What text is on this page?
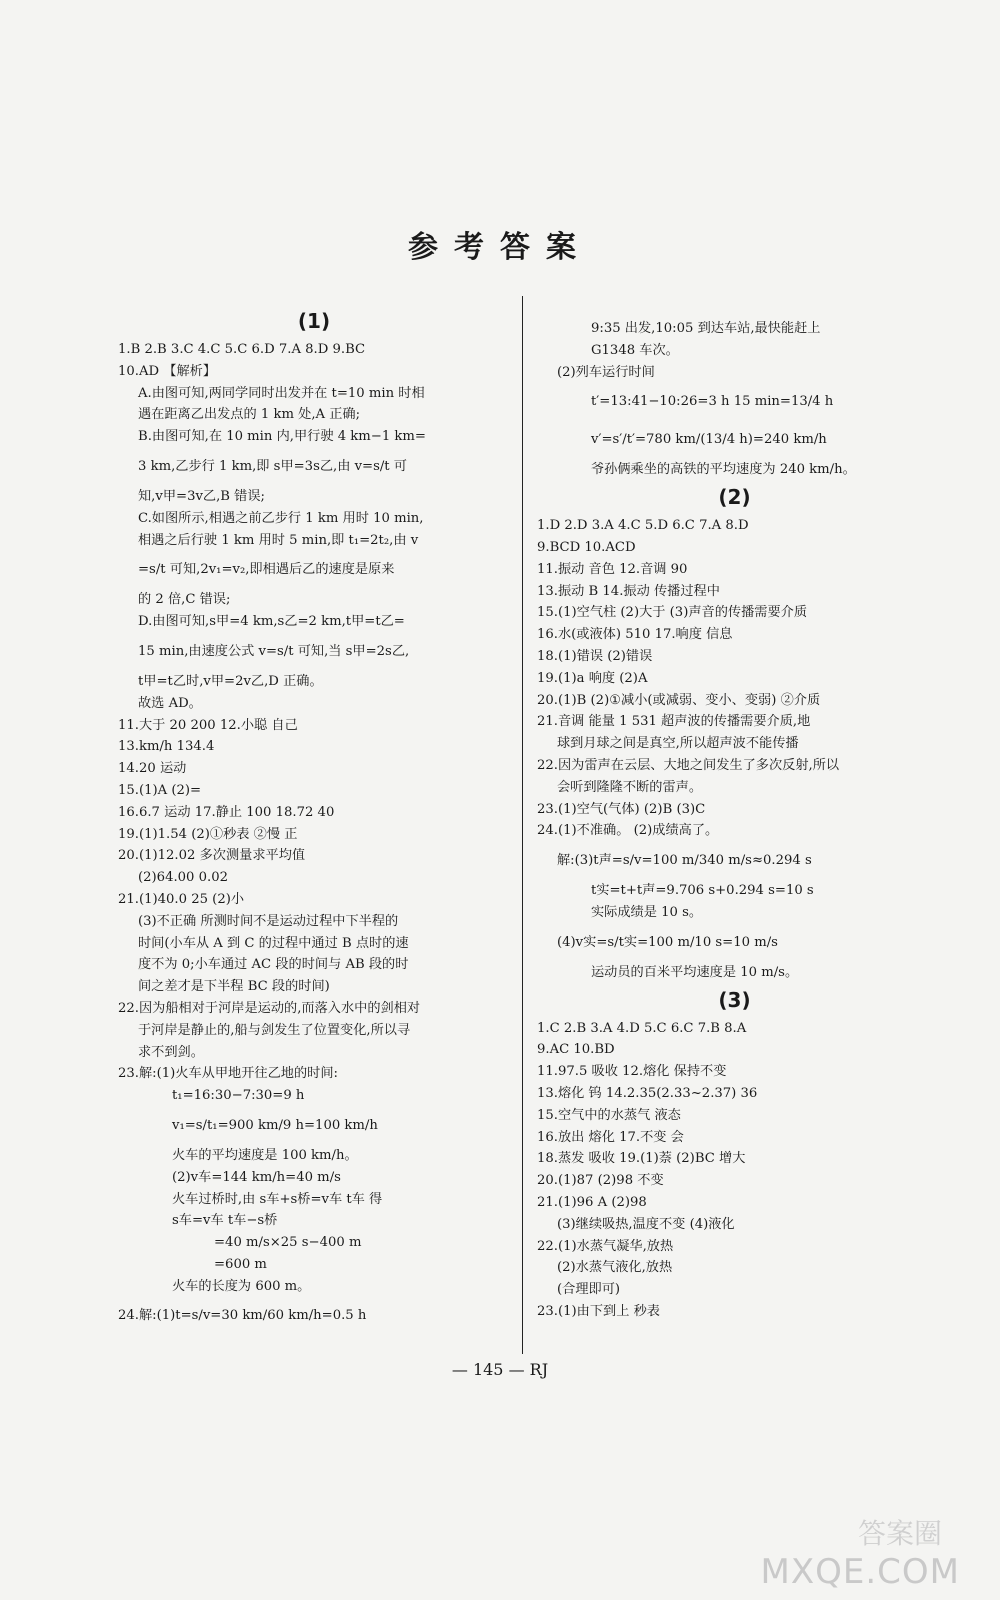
参考答案
(1)
1.B 2.B 3.C 4.C 5.C 6.D 7.A 8.D 9.BC
10.AD 【解析】
A.由图可知,两同学同时出发并在 t=10 min 时相
遇在距离乙出发点的 1 km 处,A 正确;
B.由图可知,在 10 min 内,甲行驶 4 km−1 km=
3 km,乙步行 1 km,即 s甲=3s乙,由 v=s/t 可
知,v甲=3v乙,B 错误;
C.如图所示,相遇之前乙步行 1 km 用时 10 min,
相遇之后行驶 1 km 用时 5 min,即 t₁=2t₂,由 v
=s/t 可知,2v₁=v₂,即相遇后乙的速度是原来
的 2 倍,C 错误;
D.由图可知,s甲=4 km,s乙=2 km,t甲=t乙=
15 min,由速度公式 v=s/t 可知,当 s甲=2s乙,
t甲=t乙时,v甲=2v乙,D 正确。
故选 AD。
11.大于 20 200 12.小聪 自己
13.km/h 134.4
14.20 运动
15.(1)A (2)=
16.6.7 运动 17.静止 100 18.72 40
19.(1)1.54 (2)①秒表 ②慢 正
20.(1)12.02 多次测量求平均值
(2)64.00 0.02
21.(1)40.0 25 (2)小
(3)不正确 所测时间不是运动过程中下半程的
时间(小车从 A 到 C 的过程中通过 B 点时的速
度不为 0;小车通过 AC 段的时间与 AB 段的时
间之差才是下半程 BC 段的时间)
22.因为船相对于河岸是运动的,而落入水中的剑相对
于河岸是静止的,船与剑发生了位置变化,所以寻
求不到剑。
23.解:(1)火车从甲地开往乙地的时间:
t₁=16:30−7:30=9 h
v₁=s/t₁=900 km/9 h=100 km/h
火车的平均速度是 100 km/h。
(2)v车=144 km/h=40 m/s
火车过桥时,由 s车+s桥=v车 t车 得
s车=v车 t车−s桥
=40 m/s×25 s−400 m
=600 m
火车的长度为 600 m。
24.解:(1)t=s/v=30 km/60 km/h=0.5 h
9:35 出发,10:05 到达车站,最快能赶上
G1348 车次。
(2)列车运行时间
t′=13:41−10:26=3 h 15 min=13/4 h
v′=s′/t′=780 km/(13/4 h)=240 km/h
爷孙俩乘坐的高铁的平均速度为 240 km/h。
(2)
1.D 2.D 3.A 4.C 5.D 6.C 7.A 8.D
9.BCD 10.ACD
11.振动 音色 12.音调 90
13.振动 B 14.振动 传播过程中
15.(1)空气柱 (2)大于 (3)声音的传播需要介质
16.水(或液体) 510 17.响度 信息
18.(1)错误 (2)错误
19.(1)a 响度 (2)A
20.(1)B (2)①减小(或减弱、变小、变弱) ②介质
21.音调 能量 1 531 超声波的传播需要介质,地
球到月球之间是真空,所以超声波不能传播
22.因为雷声在云层、大地之间发生了多次反射,所以
会听到隆隆不断的雷声。
23.(1)空气(气体) (2)B (3)C
24.(1)不准确。 (2)成绩高了。
解:(3)t声=s/v=100 m/340 m/s≈0.294 s
t实=t+t声=9.706 s+0.294 s=10 s
实际成绩是 10 s。
(4)v实=s/t实=100 m/10 s=10 m/s
运动员的百米平均速度是 10 m/s。
(3)
1.C 2.B 3.A 4.D 5.C 6.C 7.B 8.A
9.AC 10.BD
11.97.5 吸收 12.熔化 保持不变
13.熔化 钨 14.2.35(2.33~2.37) 36
15.空气中的水蒸气 液态
16.放出 熔化 17.不变 会
18.蒸发 吸收 19.(1)萘 (2)BC 增大
20.(1)87 (2)98 不变
21.(1)96 A (2)98
(3)继续吸热,温度不变 (4)液化
22.(1)水蒸气凝华,放热
(2)水蒸气液化,放热
(合理即可)
23.(1)由下到上 秒表
— 145 — RJ
答案圈
MXQE.COM
